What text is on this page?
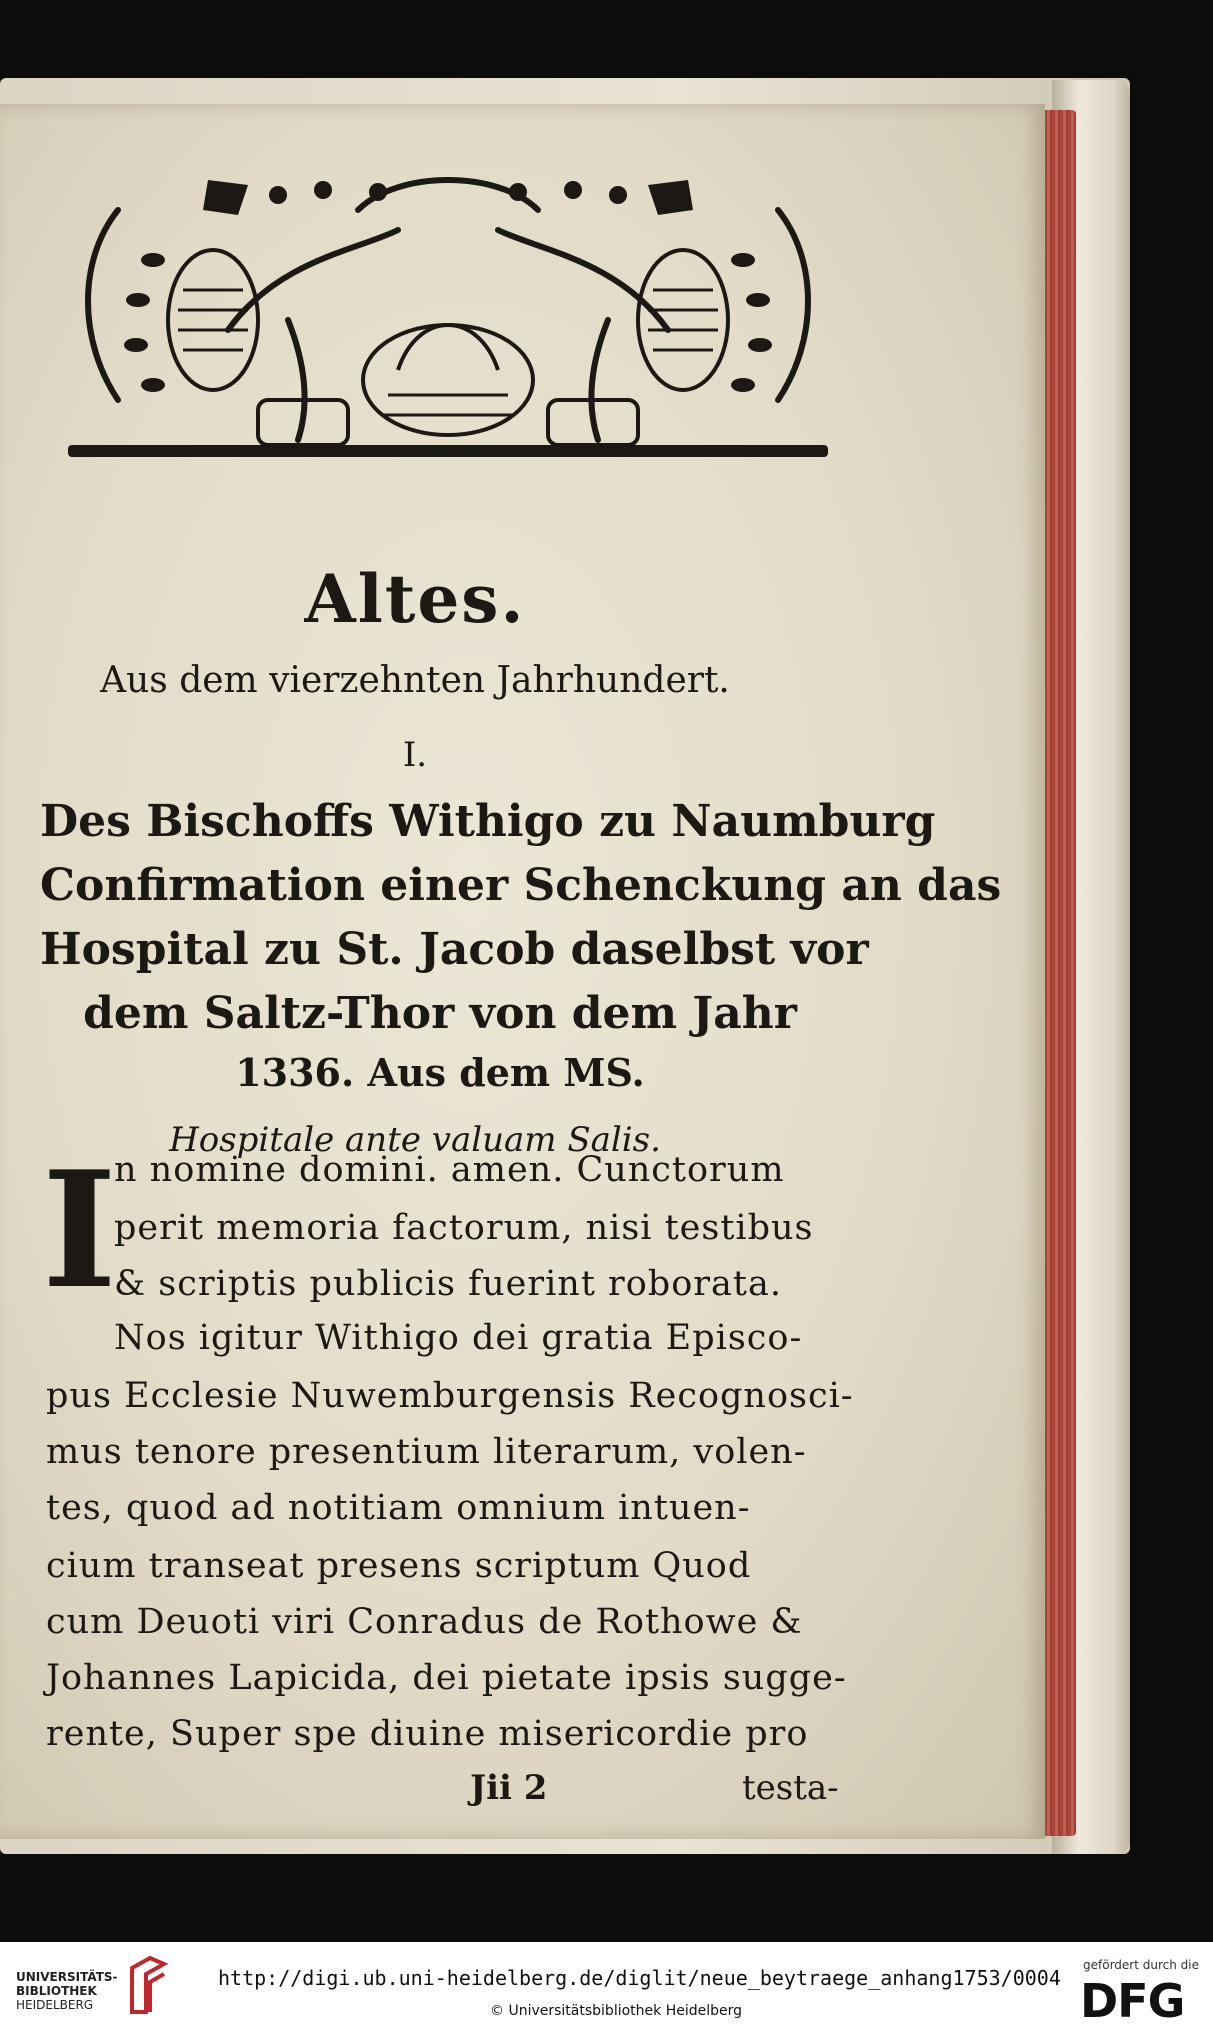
Altes.
Aus dem vierzehnten Jahrhundert.
I.
Des Bischoffs Withigo zu Naumburg
Confirmation einer Schenckung an das
Hospital zu St. Jacob daselbst vor
dem Saltz-Thor von dem Jahr
1336. Aus dem MS.
Hospitale ante valuam Salis.
I
n nomine domini. amen. Cunctorum
perit memoria factorum, nisi testibus
& scriptis publicis fuerint roborata.
Nos igitur Withigo dei gratia Episco-
pus Ecclesie Nuwemburgensis Recognosci-
mus tenore presentium literarum, volen-
tes, quod ad notitiam omnium intuen-
cium transeat presens scriptum Quod
cum Deuoti viri Conradus de Rothowe &
Johannes Lapicida, dei pietate ipsis sugge-
rente, Super spe diuine misericordie pro
Jii 2	testa-
UNIVERSITÄTS-
BIBLIOTHEK
HEIDELBERG
http://digi.ub.uni-heidelberg.de/diglit/neue_beytraege_anhang1753/0004
© Universitätsbibliothek Heidelberg
gefördert durch die
DFG
